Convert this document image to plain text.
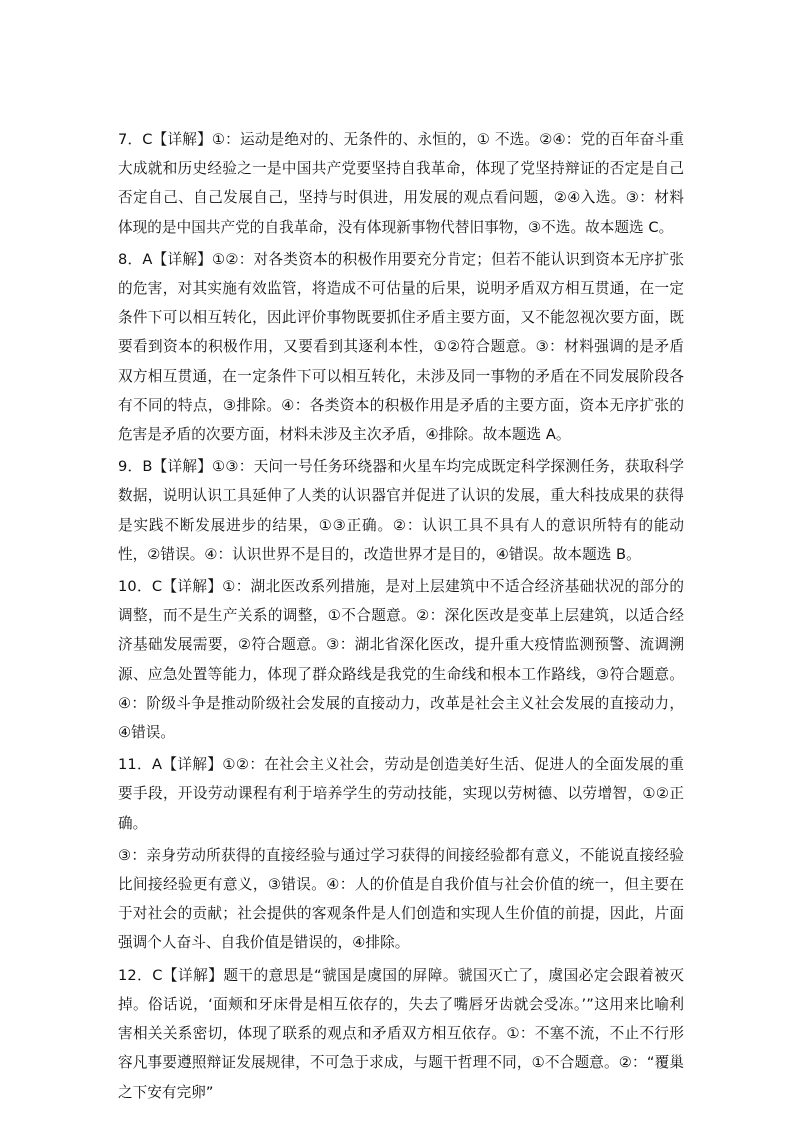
7．C【详解】①：运动是绝对的、无条件的、永恒的，① 不选。②④：党的百年奋斗重大成就和历史经验之一是中国共产党要坚持自我革命，体现了党坚持辩证的否定是自己否定自己、自己发展自己，坚持与时俱进，用发展的观点看问题，②④入选。③：材料体现的是中国共产党的自我革命，没有体现新事物代替旧事物，③不选。故本题选 C。

8．A【详解】①②：对各类资本的积极作用要充分肯定；但若不能认识到资本无序扩张的危害，对其实施有效监管，将造成不可估量的后果，说明矛盾双方相互贯通，在一定条件下可以相互转化，因此评价事物既要抓住矛盾主要方面，又不能忽视次要方面，既要看到资本的积极作用，又要看到其逐利本性，①②符合题意。③：材料强调的是矛盾双方相互贯通，在一定条件下可以相互转化，未涉及同一事物的矛盾在不同发展阶段各有不同的特点，③排除。④：各类资本的积极作用是矛盾的主要方面，资本无序扩张的危害是矛盾的次要方面，材料未涉及主次矛盾，④排除。故本题选 A。

9．B【详解】①③：天问一号任务环绕器和火星车均完成既定科学探测任务，获取科学数据，说明认识工具延伸了人类的认识器官并促进了认识的发展，重大科技成果的获得是实践不断发展进步的结果，①③正确。②：认识工具不具有人的意识所特有的能动性，②错误。④：认识世界不是目的，改造世界才是目的，④错误。故本题选 B。

10．C【详解】①：湖北医改系列措施，是对上层建筑中不适合经济基础状况的部分的调整，而不是生产关系的调整，①不合题意。②：深化医改是变革上层建筑，以适合经济基础发展需要，②符合题意。③：湖北省深化医改，提升重大疫情监测预警、流调溯源、应急处置等能力，体现了群众路线是我党的生命线和根本工作路线，③符合题意。④：阶级斗争是推动阶级社会发展的直接动力，改革是社会主义社会发展的直接动力，④错误。

11．A【详解】①②：在社会主义社会，劳动是创造美好生活、促进人的全面发展的重要手段，开设劳动课程有利于培养学生的劳动技能，实现以劳树德、以劳增智，①②正确。

③：亲身劳动所获得的直接经验与通过学习获得的间接经验都有意义，不能说直接经验比间接经验更有意义，③错误。④：人的价值是自我价值与社会价值的统一，但主要在于对社会的贡献；社会提供的客观条件是人们创造和实现人生价值的前提，因此，片面强调个人奋斗、自我价值是错误的，④排除。

12．C【详解】题干的意思是“虢国是虞国的屏障。虢国灭亡了，虞国必定会跟着被灭掉。俗话说，‘面颊和牙床骨是相互依存的，失去了嘴唇牙齿就会受冻。’”这用来比喻利害相关关系密切，体现了联系的观点和矛盾双方相互依存。①：不塞不流，不止不行形容凡事要遵照辩证发展规律，不可急于求成，与题干哲理不同，①不合题意。②：“覆巢之下安有完卵”
